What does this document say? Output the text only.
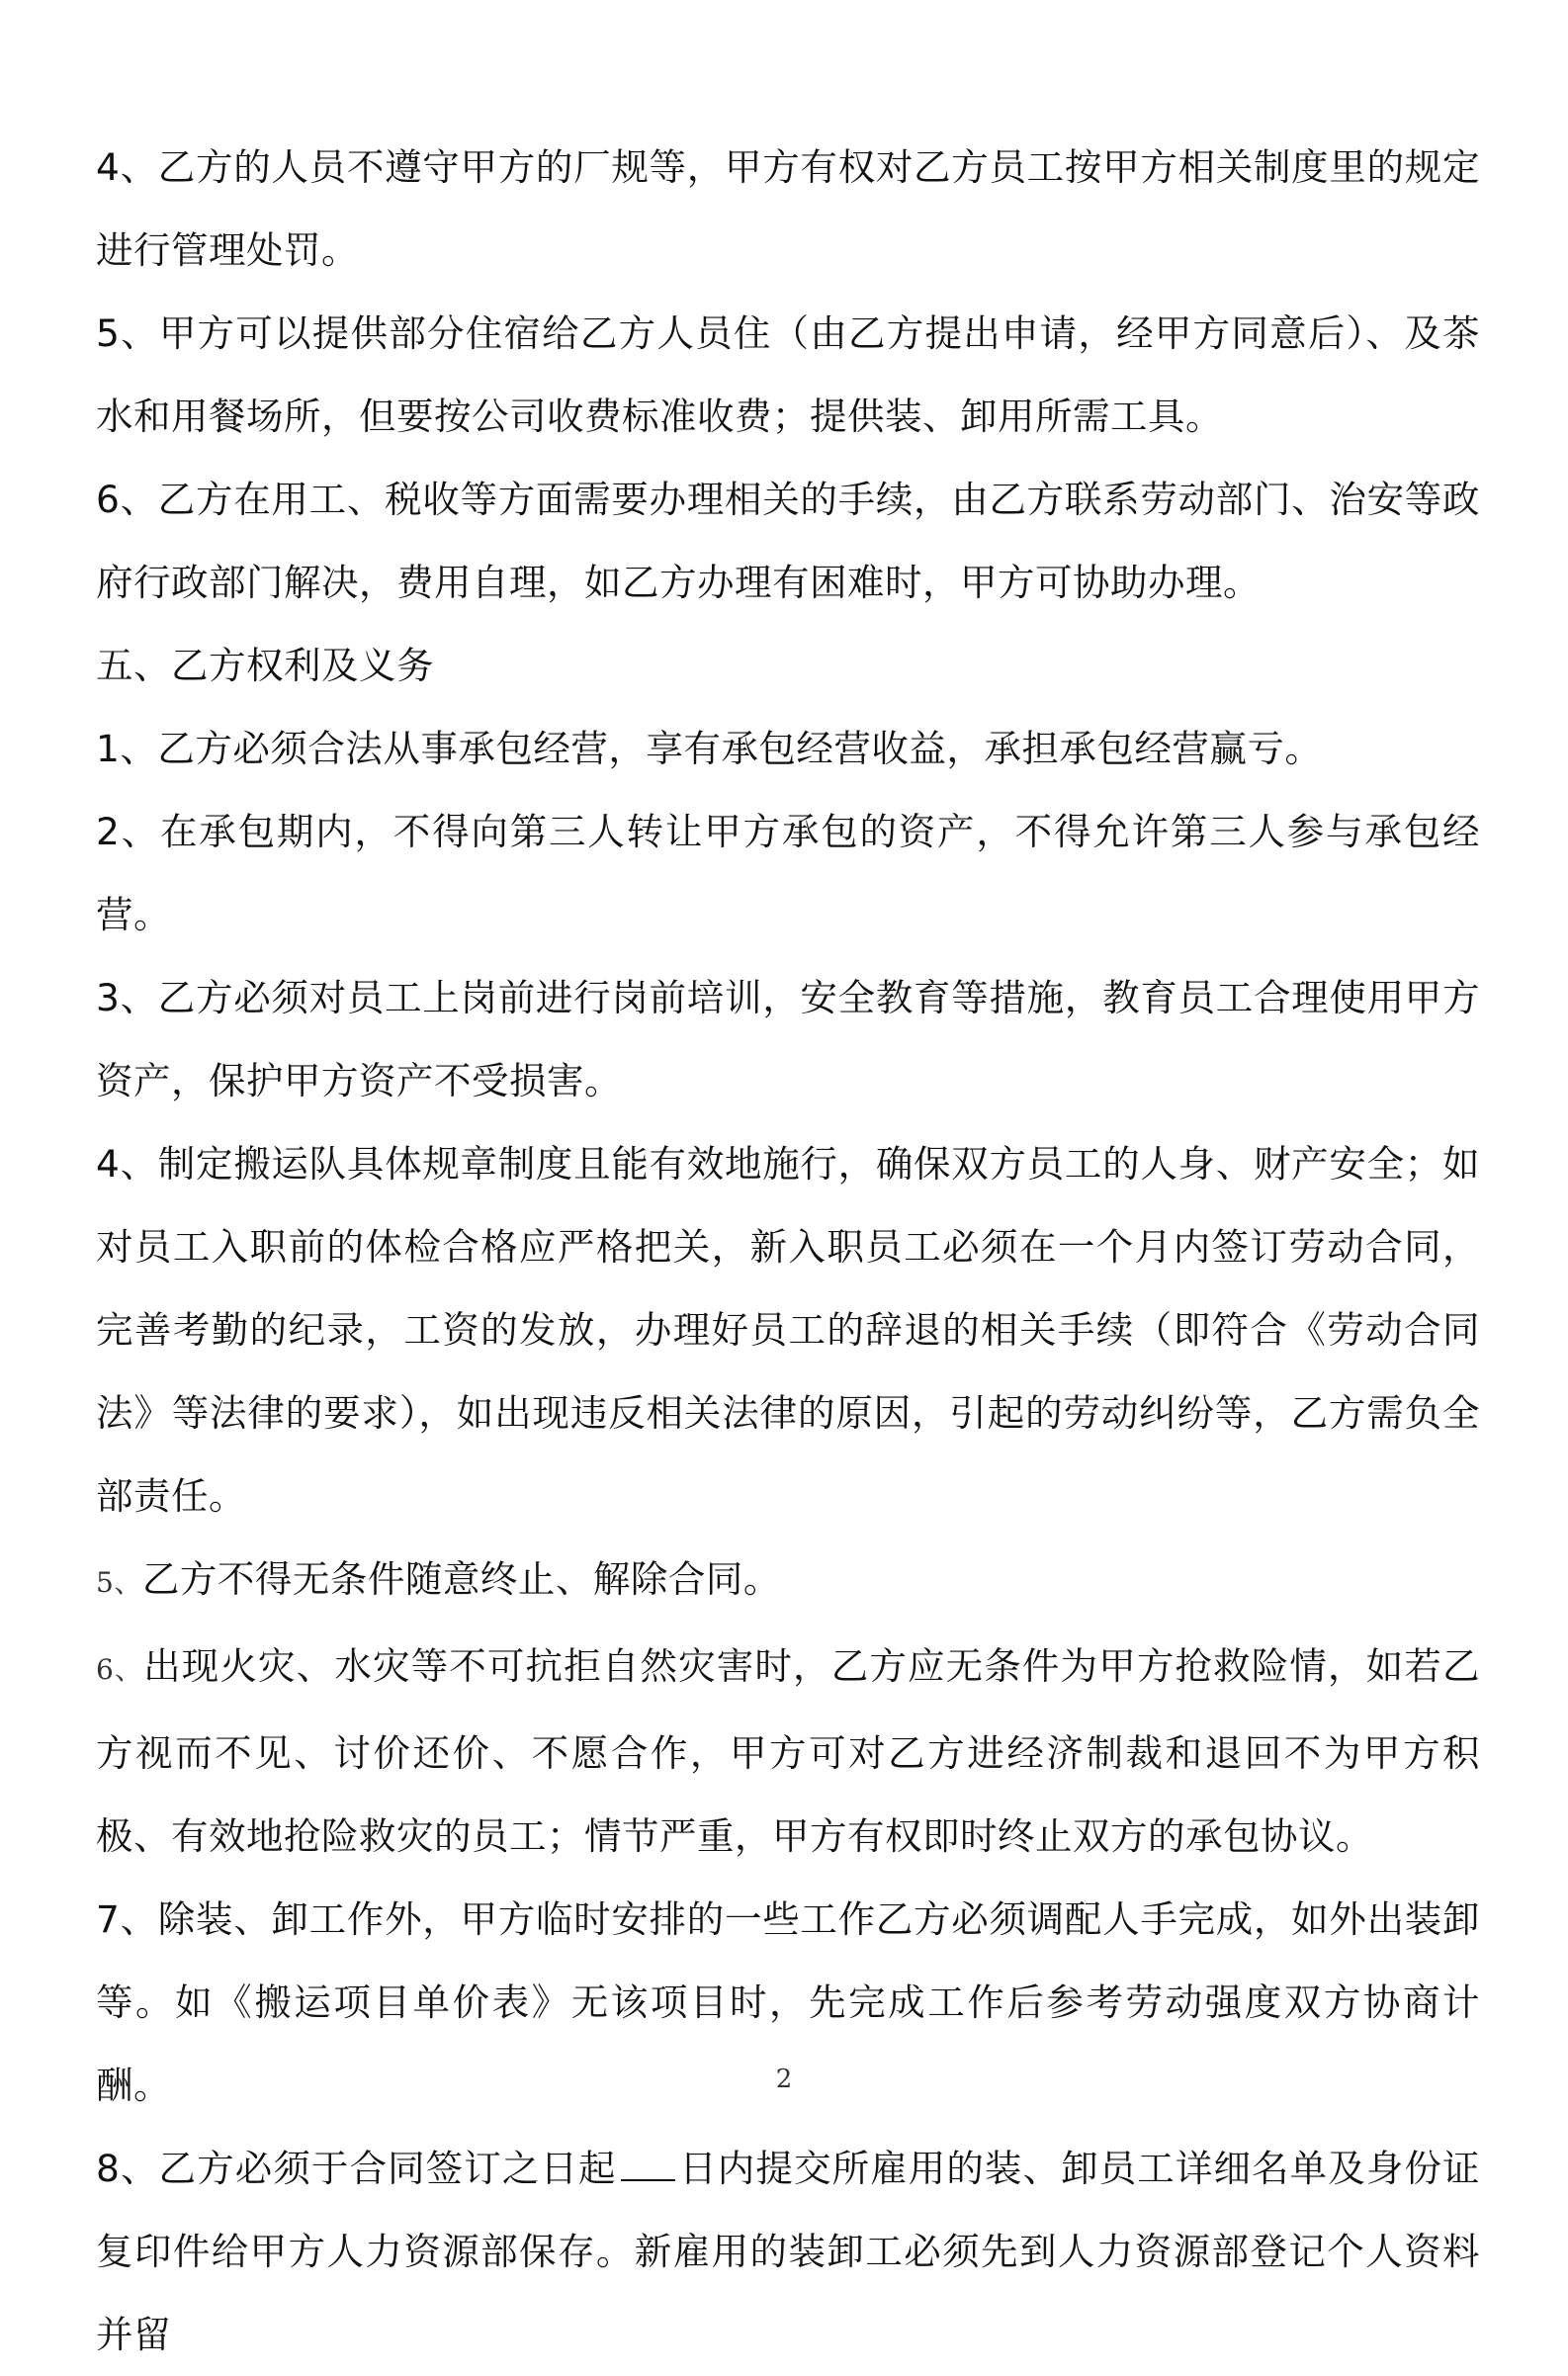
4、乙方的人员不遵守甲方的厂规等，甲方有权对乙方员工按甲方相关制度里的规定进行管理处罚。

5、甲方可以提供部分住宿给乙方人员住（由乙方提出申请，经甲方同意后）、及茶水和用餐场所，但要按公司收费标准收费；提供装、卸用所需工具。

6、乙方在用工、税收等方面需要办理相关的手续，由乙方联系劳动部门、治安等政府行政部门解决，费用自理，如乙方办理有困难时，甲方可协助办理。

五、乙方权利及义务

1、乙方必须合法从事承包经营，享有承包经营收益，承担承包经营赢亏。

2、在承包期内，不得向第三人转让甲方承包的资产，不得允许第三人参与承包经营。

3、乙方必须对员工上岗前进行岗前培训，安全教育等措施，教育员工合理使用甲方资产，保护甲方资产不受损害。

4、制定搬运队具体规章制度且能有效地施行，确保双方员工的人身、财产安全；如对员工入职前的体检合格应严格把关，新入职员工必须在一个月内签订劳动合同，完善考勤的纪录，工资的发放，办理好员工的辞退的相关手续（即符合《劳动合同法》等法律的要求），如出现违反相关法律的原因，引起的劳动纠纷等，乙方需负全部责任。

5、乙方不得无条件随意终止、解除合同。

6、出现火灾、水灾等不可抗拒自然灾害时，乙方应无条件为甲方抢救险情，如若乙方视而不见、讨价还价、不愿合作，甲方可对乙方进经济制裁和退回不为甲方积极、有效地抢险救灾的员工；情节严重，甲方有权即时终止双方的承包协议。

7、除装、卸工作外，甲方临时安排的一些工作乙方必须调配人手完成，如外出装卸等。如《搬运项目单价表》无该项目时，先完成工作后参考劳动强度双方协商计酬。

8、乙方必须于合同签订之日起 日内提交所雇用的装、卸员工详细名单及身份证复印件给甲方人力资源部保存。新雇用的装卸工必须先到人力资源部登记个人资料并留

2
